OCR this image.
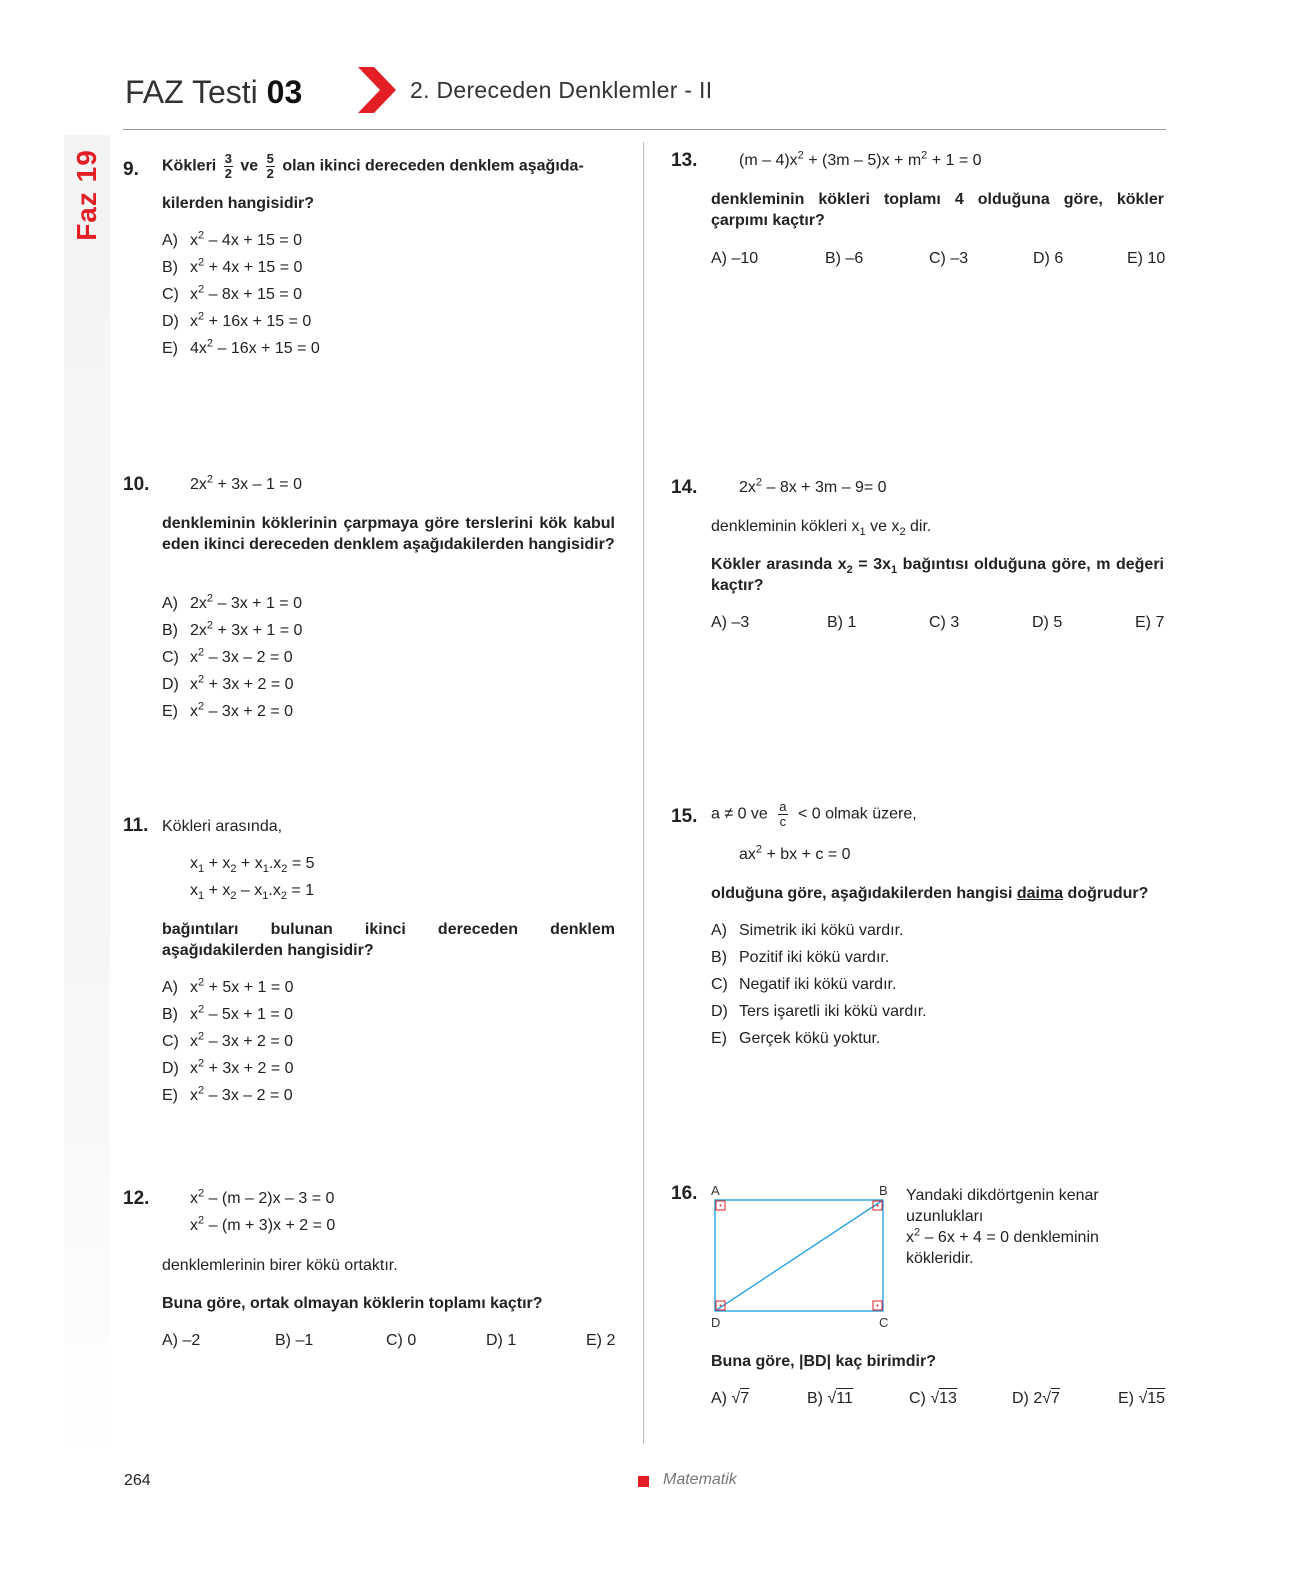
Faz 19
FAZ Testi 03	2. Dereceden Denklemler - II
9. Kökleri $\frac{3}{2}$ ve $\frac{5}{2}$ olan ikinci dereceden denklem aşağıda-
kilerden hangisidir?
A) $x^2 - 4x + 15 = 0$
B) $x^2 + 4x + 15 = 0$
C) $x^2 - 8x + 15 = 0$
D) $x^2 + 16x + 15 = 0$
E) $4x^2 - 16x + 15 = 0$
10.	$2x^2 + 3x - 1 = 0$
denkleminin köklerinin çarpmaya göre terslerini kök kabul eden ikinci dereceden denklem aşağıdakilerden hangisidir?
A) $2x^2 - 3x + 1 = 0$
B) $2x^2 + 3x + 1 = 0$
C) $x^2 - 3x - 2 = 0$
D) $x^2 + 3x + 2 = 0$
E) $x^2 - 3x + 2 = 0$
11. Kökleri arasında,
$x_1 + x_2 + x_1.x_2 = 5$
$x_1 + x_2 - x_1.x_2 = 1$
bağıntıları bulunan ikinci dereceden denklem aşağıdakilerden hangisidir?
A) $x^2 + 5x + 1 = 0$
B) $x^2 - 5x + 1 = 0$
C) $x^2 - 3x + 2 = 0$
D) $x^2 + 3x + 2 = 0$
E) $x^2 - 3x - 2 = 0$
12.	$x^2 - (m - 2)x - 3 = 0$
$x^2 - (m + 3)x + 2 = 0$
denklemlerinin birer kökü ortaktır.
Buna göre, ortak olmayan köklerin toplamı kaçtır?
A) –2	B) –1	C) 0	D) 1	E) 2
13.	$(m - 4)x^2 + (3m - 5)x + m^2 + 1 = 0$
denkleminin kökleri toplamı 4 olduğuna göre, kökler çarpımı kaçtır?
A) –10	B) –6	C) –3	D) 6	E) 10
14.	$2x^2 - 8x + 3m - 9= 0$
denkleminin kökleri $x_1$ ve $x_2$ dir.
Kökler arasında $x_2 = 3x_1$ bağıntısı olduğuna göre, m değeri kaçtır?
A) –3	B) 1	C) 3	D) 5	E) 7
15. a ≠ 0 ve $\frac{a}{c} < 0$ olmak üzere,
$ax^2$ + bx + c = 0
olduğuna göre, aşağıdakilerden hangisi daima doğrudur?
A) Simetrik iki kökü vardır.
B) Pozitif iki kökü vardır.
C) Negatif iki kökü vardır.
D) Ters işaretli iki kökü vardır.
E) Gerçek kökü yoktur.
16. A	B
D	C
Yandaki dikdörtgenin kenar uzunlukları
$x^2 - 6x + 4 = 0$ denkleminin kökleridir.
Buna göre, |BD| kaç birimdir?
A) √7	B) √11	C) √13	D) 2√7	E) √15
264	Matematik
